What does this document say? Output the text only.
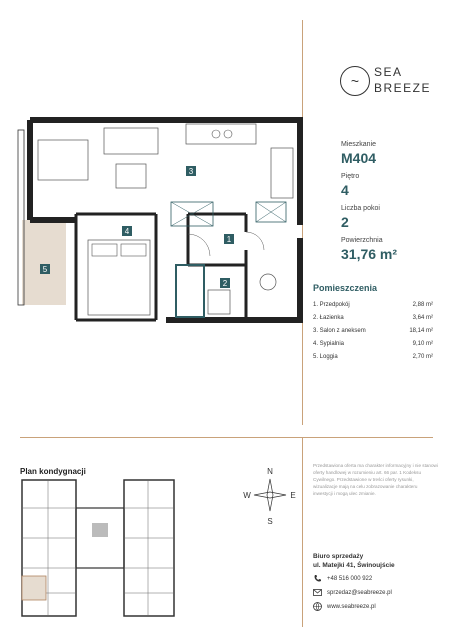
~
SEA
BREEZE
Mieszkanie
M404
Piętro
4
Liczba pokoi
2
Powierzchnia
31,76 m²
Pomieszczenia
1. Przedpokój	2,88 m²
2. Łazienka	3,64 m²
3. Salon z aneksem	18,14 m²
4. Sypialnia	9,10 m²
5. Loggia	2,70 m²
1
2
3
4
5
Plan kondygnacji	N
S
W	E
Przedstawiona oferta ma charakter informacyjny i nie stanowi oferty handlowej w rozumieniu art. 66 par. 1 Kodeksu Cywilnego. Przedstawione w treści oferty rysunki, wizualizacje mają na celu zobrazowanie charakteru inwestycji i mogą ulec zmianie.
Biuro sprzedaży
ul. Matejki 41, Świnoujście
+48 516 000 922
sprzedaz@seabreeze.pl
www.seabreeze.pl
